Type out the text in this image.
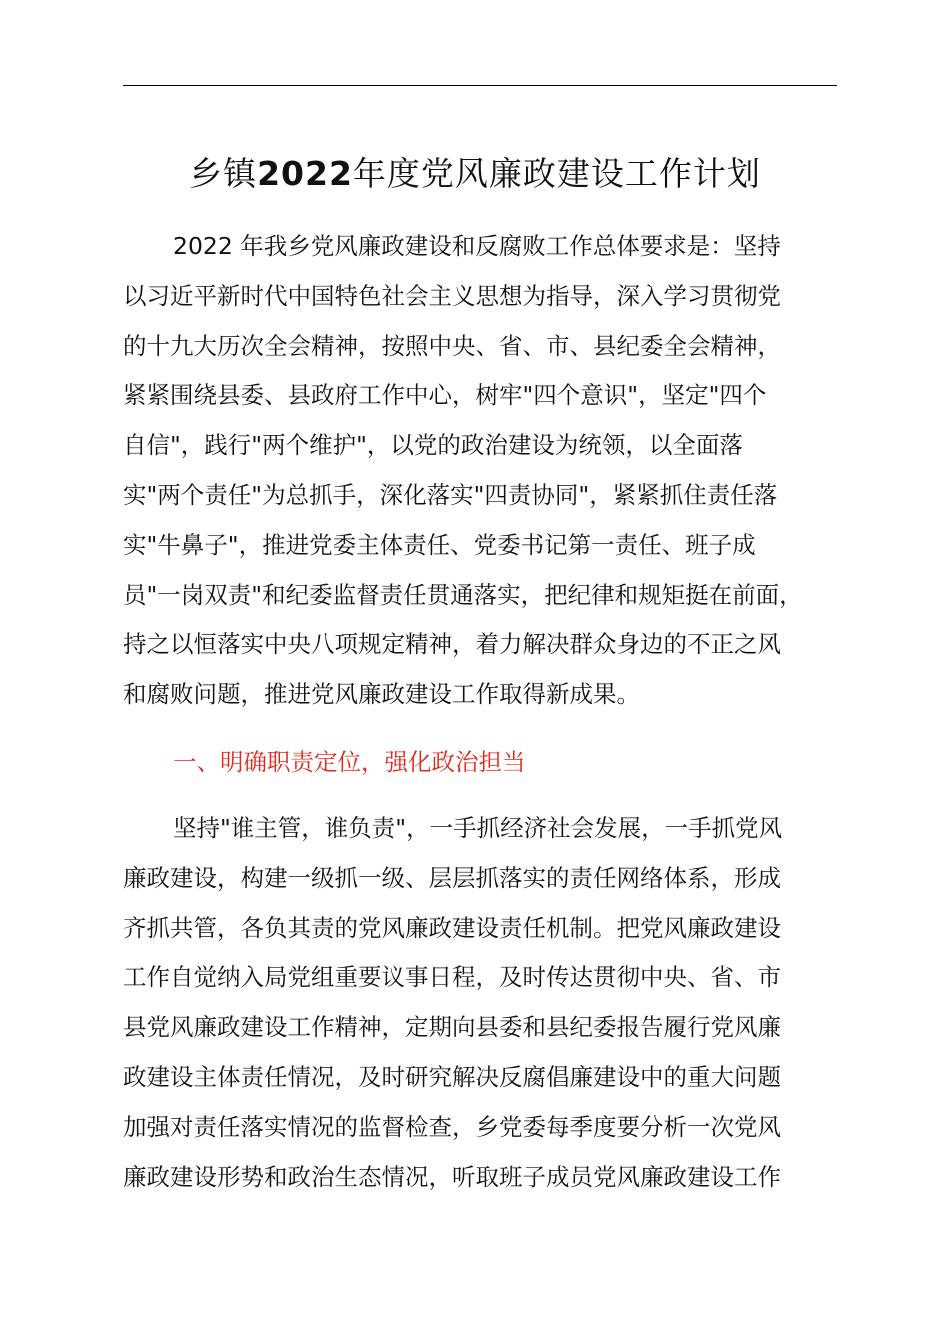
乡镇2022年度党风廉政建设工作计划

2022 年我乡党风廉政建设和反腐败工作总体要求是：坚持
以习近平新时代中国特色社会主义思想为指导，深入学习贯彻党
的十九大历次全会精神，按照中央、省、市、县纪委全会精神，
紧紧围绕县委、县政府工作中心，树牢"四个意识"，坚定"四个
自信"，践行"两个维护"，以党的政治建设为统领，以全面落
实"两个责任"为总抓手，深化落实"四责协同"，紧紧抓住责任落
实"牛鼻子"，推进党委主体责任、党委书记第一责任、班子成
员"一岗双责"和纪委监督责任贯通落实，把纪律和规矩挺在前面，
持之以恒落实中央八项规定精神，着力解决群众身边的不正之风
和腐败问题，推进党风廉政建设工作取得新成果。

一、明确职责定位，强化政治担当

坚持"谁主管，谁负责"，一手抓经济社会发展，一手抓党风
廉政建设，构建一级抓一级、层层抓落实的责任网络体系，形成
齐抓共管，各负其责的党风廉政建设责任机制。把党风廉政建设
工作自觉纳入局党组重要议事日程，及时传达贯彻中央、省、市
县党风廉政建设工作精神，定期向县委和县纪委报告履行党风廉
政建设主体责任情况，及时研究解决反腐倡廉建设中的重大问题
加强对责任落实情况的监督检查，乡党委每季度要分析一次党风
廉政建设形势和政治生态情况，听取班子成员党风廉政建设工作
